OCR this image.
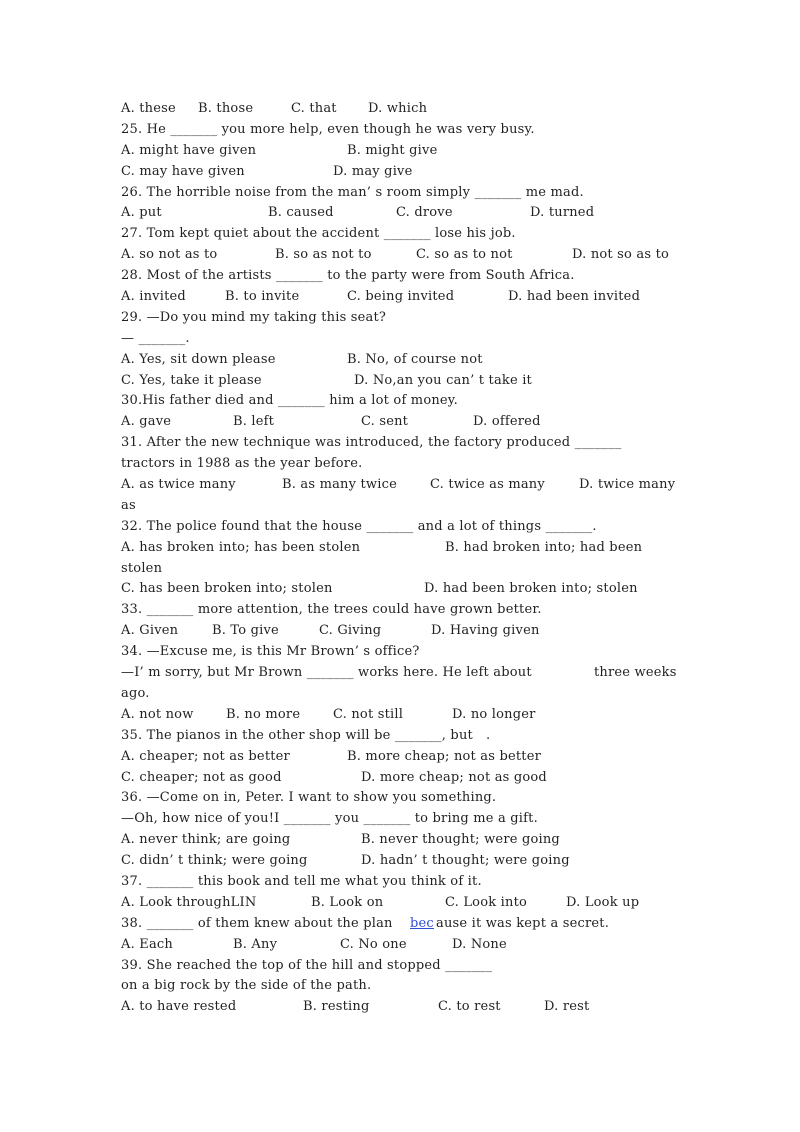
A. these B. those	C. that D. which
25. He _______ you more help, even though he was very busy.
A. might have given	B. might give
C. may have given	D. may give
26. The horrible noise from the man’ s room simply _______ me mad.
A. put	B. caused	C. drove	D. turned
27. Tom kept quiet about the accident _______ lose his job.
A. so not as to	B. so as not to	C. so as to not	D. not so as to
28. Most of the artists _______ to the party were from South Africa.
A. invited	B. to invite	C. being invited	D. had been invited
29. —Do you mind my taking this seat?
— _______.
A. Yes, sit down please	B. No, of course not
C. Yes, take it please	D. No,an you can’ t take it
30.His father died and _______ him a lot of money.
A. gave	B. left	C. sent	D. offered
31. After the new technique was introduced, the factory produced _______
tractors in 1988 as the year before.
A. as twice many	B. as many twice	C. twice as many	D. twice many
as
32. The police found that the house _______ and a lot of things _______.
A. has broken into; has been stolen	B. had broken into; had been
stolen
C. has been broken into; stolen	D. had been broken into; stolen
33. _______ more attention, the trees could have grown better.
A. Given	B. To give	C. Giving	D. Having given
34. —Excuse me, is this Mr Brown’ s office?
—I’ m sorry, but Mr Brown _______ works here. He left about	three weeks
ago.
A. not now B. no more	C. not still	D. no longer
35. The pianos in the other shop will be _______, but   .
A. cheaper; not as better	B. more cheap; not as better
C. cheaper; not as good	D. more cheap; not as good
36. —Come on in, Peter. I want to show you something.
—Oh, how nice of you!I _______ you _______ to bring me a gift.
A. never think; are going	B. never thought; were going
C. didn’ t think; were going	D. hadn’ t thought; were going
37. _______ this book and tell me what you think of it.
A. Look throughLIN	B. Look on	C. Look into	D. Look up
38. _______ of them knew about the plan bec ause it was kept a secret.
A. Each	B. Any	C. No one	D. None
39. She reached the top of the hill and stopped _______
on a big rock by the side of the path.
A. to have rested	B. resting	C. to rest	D. rest
